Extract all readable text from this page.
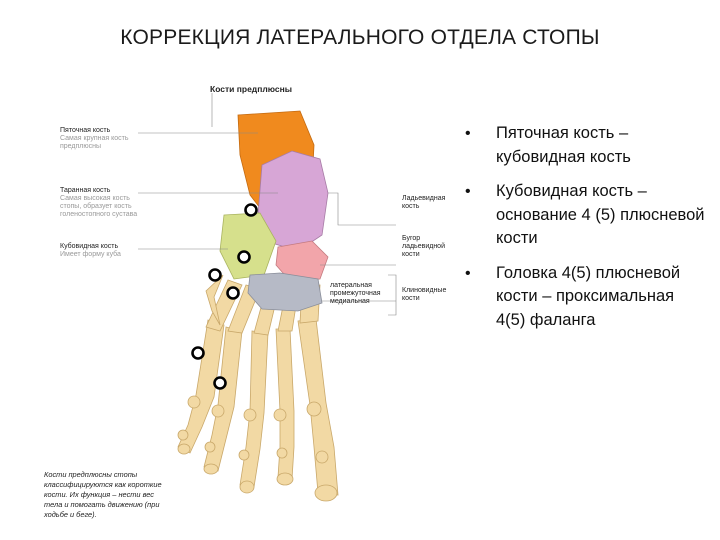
КОРРЕКЦИЯ ЛАТЕРАЛЬНОГО ОТДЕЛА СТОПЫ
Кости предплюсны
Пяточная кость
Самая крупная кость предплюсны
Таранная кость
Самая высокая кость стопы, образует кость голеностопного сустава
Кубовидная кость
Имеет форму куба
Ладьевидная кость
Бугор ладьевидной кости
латеральная промежуточная медиальная
Клиновидные кости
Кости предплюсны стопы классифицируются как короткие кости. Их функция – нести вес тела и помогать движению (при ходьбе и беге).
• Пяточная кость – кубовидная кость
• Кубовидная кость – основание 4 (5) плюсневой кости
• Головка 4(5) плюсневой кости – проксимальная 4(5) фаланга
